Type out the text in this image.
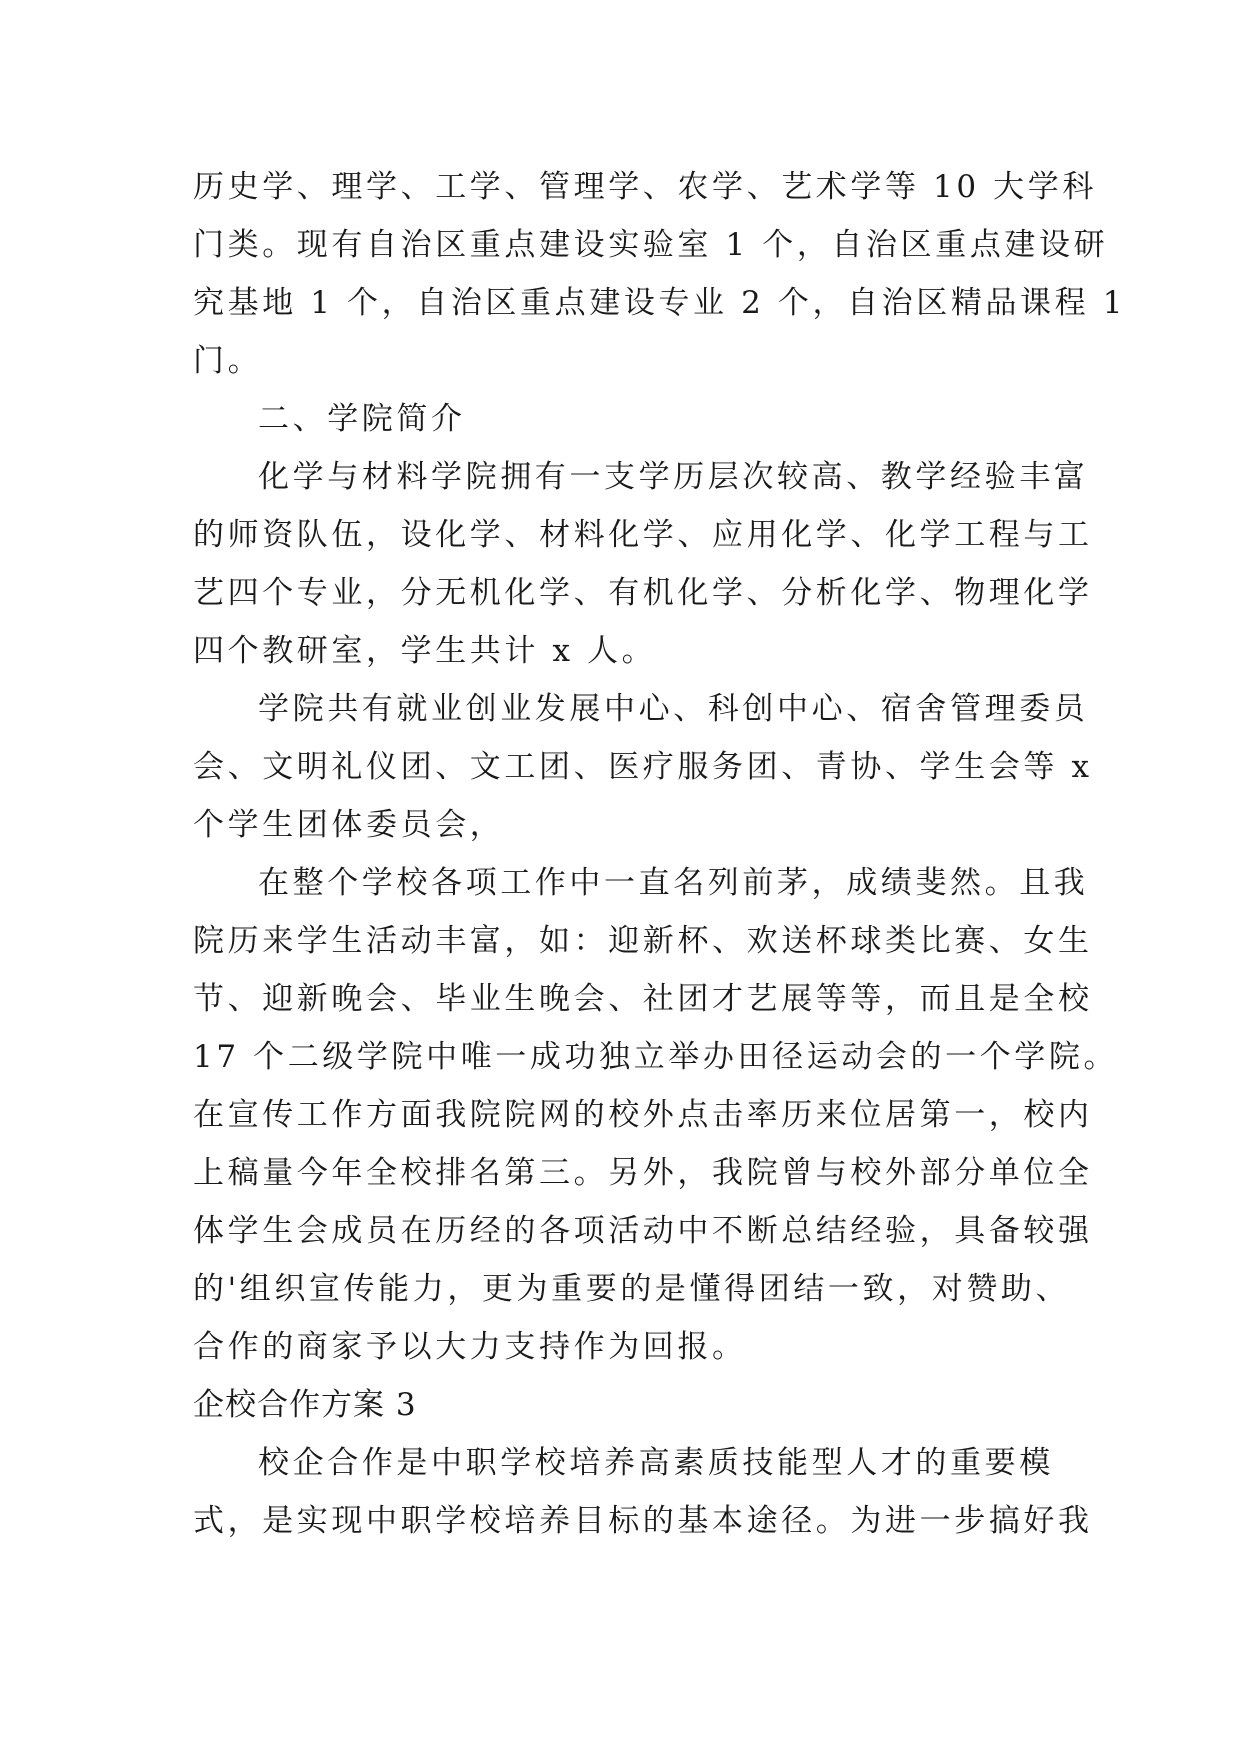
历史学、理学、工学、管理学、农学、艺术学等 10 大学科
门类。现有自治区重点建设实验室 1 个，自治区重点建设研
究基地 1 个，自治区重点建设专业 2 个，自治区精品课程 1
门。
二、学院简介
化学与材料学院拥有一支学历层次较高、教学经验丰富
的师资队伍，设化学、材料化学、应用化学、化学工程与工
艺四个专业，分无机化学、有机化学、分析化学、物理化学
四个教研室，学生共计 x 人。
学院共有就业创业发展中心、科创中心、宿舍管理委员
会、文明礼仪团、文工团、医疗服务团、青协、学生会等 x
个学生团体委员会，
在整个学校各项工作中一直名列前茅，成绩斐然。且我
院历来学生活动丰富，如：迎新杯、欢送杯球类比赛、女生
节、迎新晚会、毕业生晚会、社团才艺展等等，而且是全校
17 个二级学院中唯一成功独立举办田径运动会的一个学院。
在宣传工作方面我院院网的校外点击率历来位居第一，校内
上稿量今年全校排名第三。另外，我院曾与校外部分单位全
体学生会成员在历经的各项活动中不断总结经验，具备较强
的'组织宣传能力，更为重要的是懂得团结一致，对赞助、
合作的商家予以大力支持作为回报。
企校合作方案 3
校企合作是中职学校培养高素质技能型人才的重要模
式，是实现中职学校培养目标的基本途径。为进一步搞好我
